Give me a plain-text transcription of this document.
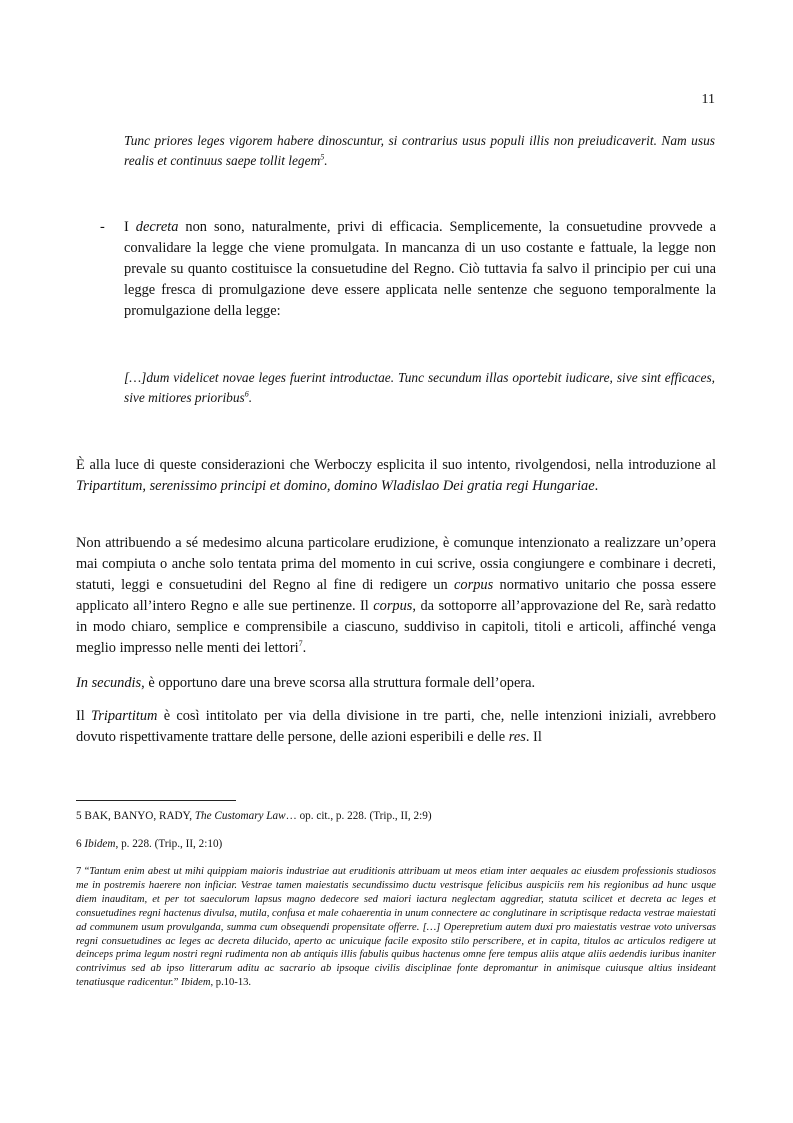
11
Tunc priores leges vigorem habere dinoscuntur, si contrarius usus populi illis non preiudicaverit. Nam usus realis et continuus saepe tollit legem$^5$.
- I decreta non sono, naturalmente, privi di efficacia. Semplicemente, la consuetudine provvede a convalidare la legge che viene promulgata. In mancanza di un uso costante e fattuale, la legge non prevale su quanto costituisce la consuetudine del Regno. Ciò tuttavia fa salvo il principio per cui una legge fresca di promulgazione deve essere applicata nelle sentenze che seguono temporalmente la promulgazione della legge:
[…]dum videlicet novae leges fuerint introductae. Tunc secundum illas oportebit iudicare, sive sint efficaces, sive mitiores prioribus$^6$.

È alla luce di queste considerazioni che Werboczy esplicita il suo intento, rivolgendosi, nella introduzione al Tripartitum, serenissimo principi et domino, domino Wladislao Dei gratia regi Hungariae.

Non attribuendo a sé medesimo alcuna particolare erudizione, è comunque intenzionato a realizzare un’opera mai compiuta o anche solo tentata prima del momento in cui scrive, ossia congiungere e combinare i decreti, statuti, leggi e consuetudini del Regno al fine di redigere un corpus normativo unitario che possa essere applicato all’intero Regno e alle sue pertinenze. Il corpus, da sottoporre all’approvazione del Re, sarà redatto in modo chiaro, semplice e comprensibile a ciascuno, suddiviso in capitoli, titoli e articoli, affinché venga meglio impresso nelle menti dei lettori$^7$.

In secundis, è opportuno dare una breve scorsa alla struttura formale dell’opera.

Il Tripartitum è così intitolato per via della divisione in tre parti, che, nelle intenzioni iniziali, avrebbero dovuto rispettivamente trattare delle persone, delle azioni esperibili e delle res. Il

5 BAK, BANYO, RADY, The Customary Law… op. cit., p. 228. (Trip., II, 2:9)

6 Ibidem, p. 228. (Trip., II, 2:10)

7 “Tantum enim abest ut mihi quippiam maioris industriae aut eruditionis attribuam ut meos etiam inter aequales ac eiusdem professionis studiosos me in postremis haerere non inficiar. Vestrae tamen maiestatis secundissimo ductu vestrisque felicibus auspiciis rem his regionibus ad hunc usque diem inauditam, et per tot saeculorum lapsus magno dedecore sed maiori iactura neglectam aggrediar, statuta scilicet et decreta ac leges et consuetudines regni hactenus divulsa, mutila, confusa et male cohaerentia in unum connectere ac conglutinare in scriptisque redacta vestrae maiestati ad communem usum provulganda, summa cum obsequendi propensitate offerre. […] Operepretium autem duxi pro maiestatis vestrae voto universas regni consuetudines ac leges ac decreta dilucido, aperto ac unicuique facile exposito stilo perscribere, et in capita, titulos ac articulos redigere ut deinceps prima legum nostri regni rudimenta non ab antiquis illis fabulis quibus hactenus omne fere tempus aliis atque aliis aedendis iuribus inaniter contrivimus sed ab ipso litterarum aditu ac sacrario ab ipsoque civilis disciplinae fonte depromantur in animisque cuiusque altius insideant tenatiusque radicentur.” Ibidem, p.10-13.
